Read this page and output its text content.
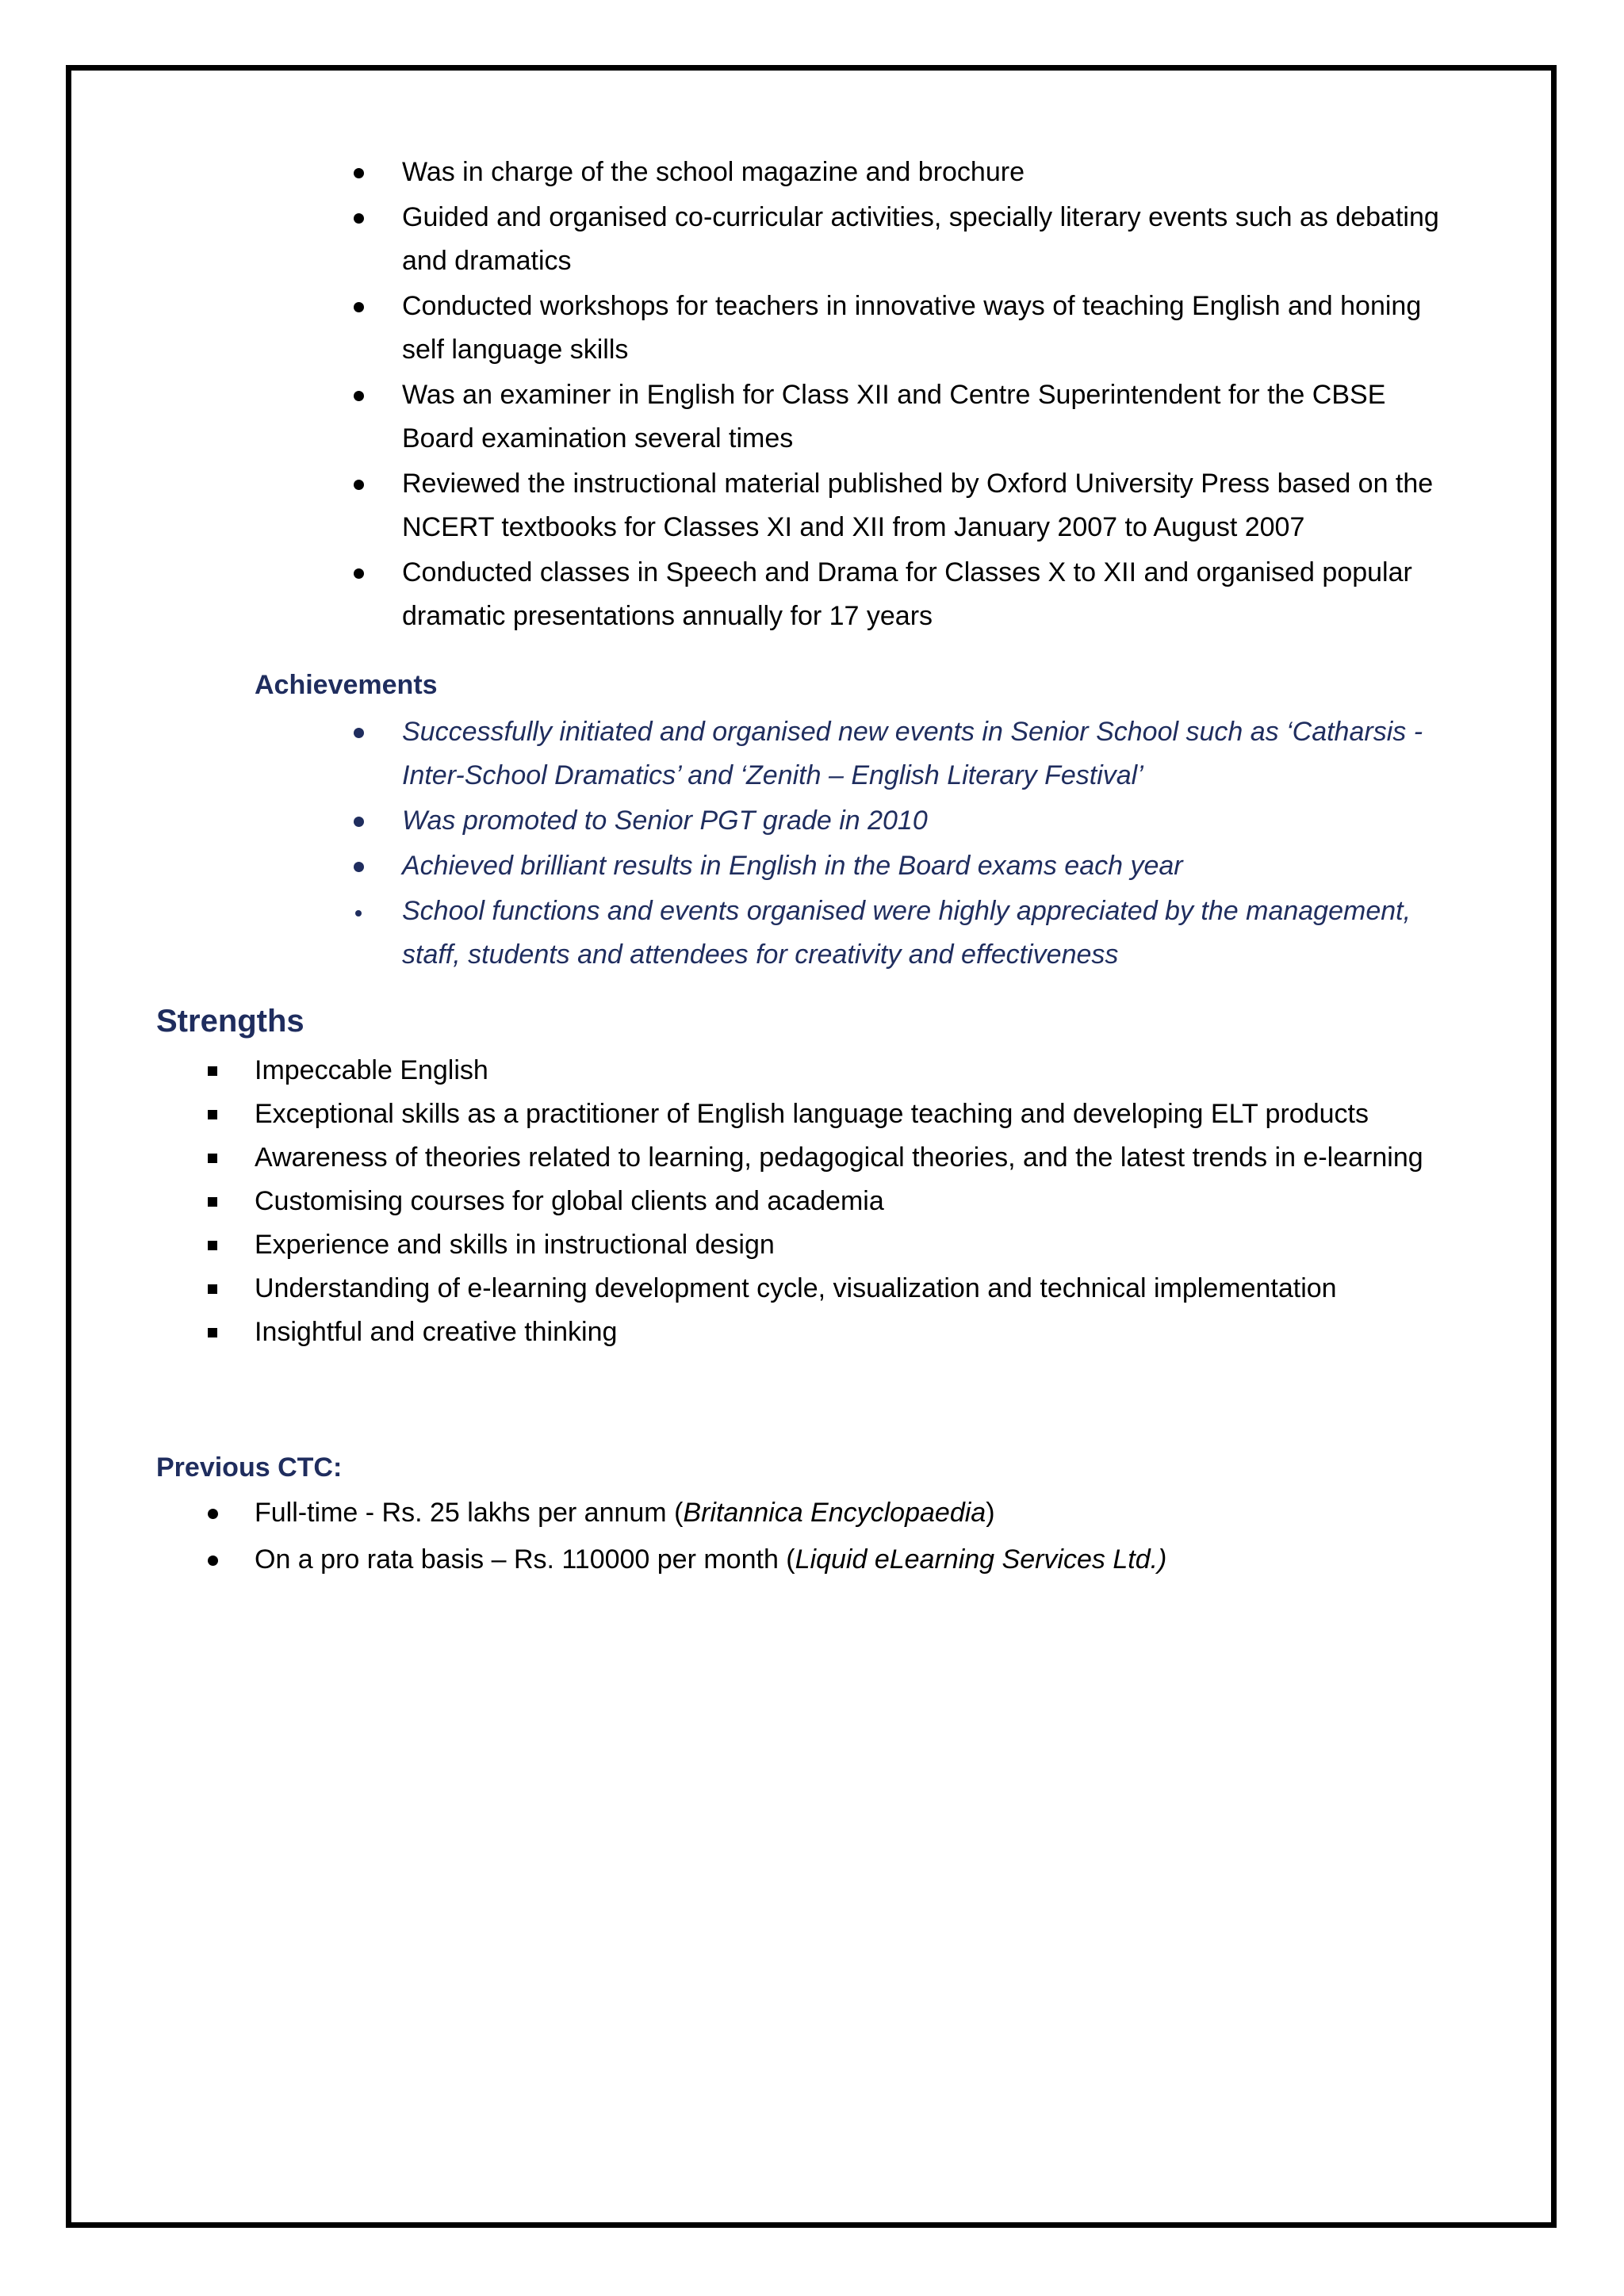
Was in charge of the school magazine and brochure
Guided and organised co-curricular activities, specially literary events such as debating and dramatics
Conducted workshops for teachers in innovative ways of teaching English and honing self language skills
Was an examiner in English for Class XII and Centre Superintendent for the CBSE Board examination several times
Reviewed the instructional material published by Oxford University Press based on the NCERT textbooks for Classes XI and XII from January 2007 to August 2007
Conducted classes in Speech and Drama for Classes X to XII and organised popular dramatic presentations annually for 17 years
Achievements
Successfully initiated and organised new events in Senior School such as ‘Catharsis - Inter-School Dramatics’ and ‘Zenith – English Literary Festival’
Was promoted to Senior PGT grade in 2010
Achieved brilliant results in English in the Board exams each year
School functions and events organised were highly appreciated by the management, staff, students and attendees for creativity and effectiveness
Strengths
Impeccable English
Exceptional skills as a practitioner of English language teaching and developing ELT products
Awareness of theories related to learning, pedagogical theories, and the latest trends in e-learning
Customising courses for global clients and academia
Experience and skills in instructional design
Understanding of e-learning development cycle, visualization and technical implementation
Insightful and creative thinking
Previous CTC:
Full-time - Rs. 25 lakhs per annum (Britannica Encyclopaedia)
On a pro rata basis – Rs. 110000 per month (Liquid eLearning Services Ltd.)
